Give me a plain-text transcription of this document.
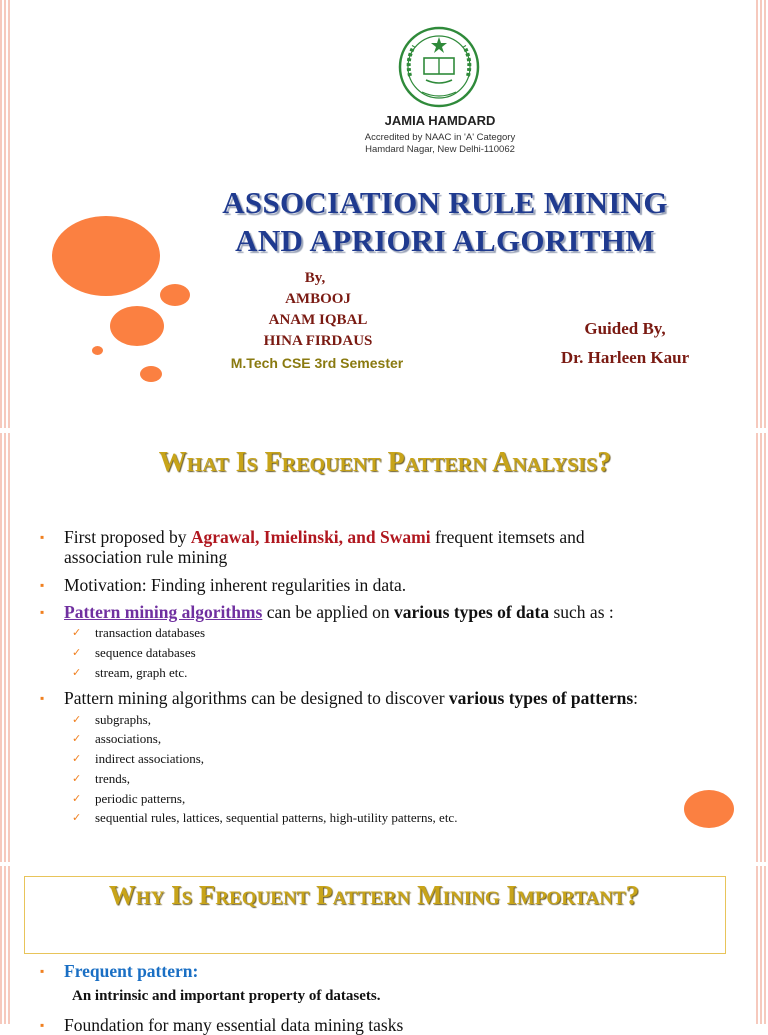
JAMIA HAMDARD
Accredited by NAAC in 'A' Category
Hamdard Nagar, New Delhi-110062
ASSOCIATION RULE MINING
AND APRIORI ALGORITHM
By,
AMBOOJ
ANAM IQBAL
HINA FIRDAUS
M.Tech CSE 3rd Semester
Guided By,
Dr. Harleen Kaur
What Is Frequent Pattern Analysis?
▪ First proposed by Agrawal, Imielinski, and Swami frequent itemsets and
association rule mining
▪ Motivation: Finding inherent regularities in data.
▪ Pattern mining algorithms can be applied on various types of data such as :
✓ transaction databases
✓ sequence databases
✓ stream, graph etc.
▪ Pattern mining algorithms can be designed to discover various types of patterns:
✓ subgraphs,
✓ associations,
✓ indirect associations,
✓ trends,
✓ periodic patterns,
✓ sequential rules, lattices, sequential patterns, high-utility patterns, etc.
Why Is Frequent Pattern Mining Important?
▪ Frequent pattern:
An intrinsic and important property of datasets.
▪ Foundation for many essential data mining tasks
